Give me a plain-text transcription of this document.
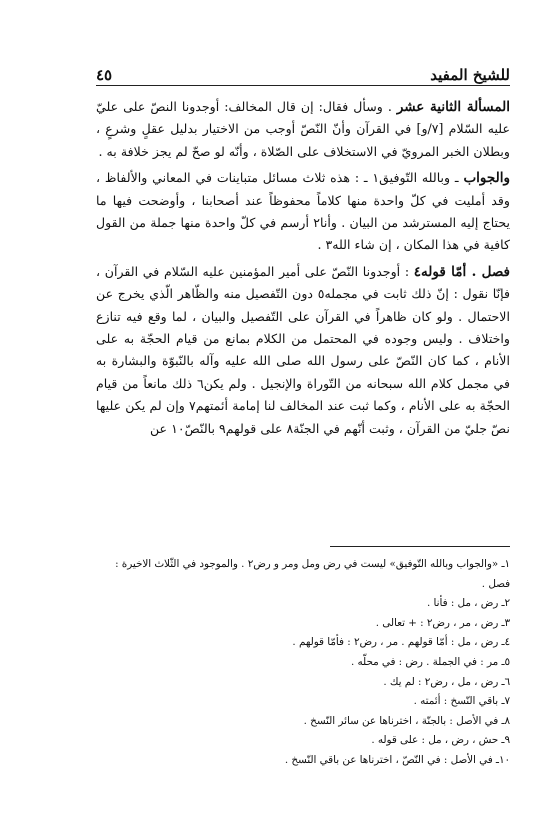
للشيخ المفيد
٤٥

المسألة الثانية عشر . وسأل فقال: إن قال المخالف: أوجدونا النصّ على عليّ عليه السّلام [٧/و] في القرآن وأنّ النّصّ أوجب من الاختيار بدليل عقلٍ وشرعٍ ، وبطلان الخبر المرويّ في الاستخلاف على الصّلاة ، وأنّه لو صحّ لم يجز خلافة به .

والجواب ـ وبالله التّوفيق١ ـ : هذه ثلاث مسائل متباينات في المعاني والألفاظ ، وقد أمليت في كلّ واحدة منها كلاماً محفوظاً عند أصحابنا ، وأوضحت فيها ما يحتاج إليه المسترشد من البيان . وأنا٢ أرسم في كلّ واحدة منها جملة من القول كافية في هذا المكان ، إن شاء الله٣ .

فصل . أمّا قوله٤ : أوجدونا النّصّ على أمير المؤمنين عليه السّلام في القرآن ، فإنّا نقول : إنّ ذلك ثابت في مجمله٥ دون التّفصيل منه والظّاهر الّذي يخرج عن الاحتمال . ولو كان ظاهراً في القرآن على التّفصيل والبيان ، لما وقع فيه تنازع واختلاف . وليس وجوده في المحتمل من الكلام بمانع من قيام الحجّة به على الأنام ، كما كان النّصّ على رسول الله صلى الله عليه وآله بالنّبوّة والبشارة به في مجمل كلام الله سبحانه من التّوراة والإنجيل . ولم يكن٦ ذلك مانعاً من قيام الحجّة به على الأنام ، وكما ثبت عند المخالف لنا إمامة أئمتهم٧ وإن لم يكن عليها نصّ جليّ من القرآن ، وثبت أنّهم في الجنّة٨ على قولهم٩ بالنّصّ١٠ عن

١ـ «والجواب وبالله التّوفيق» ليست في رض ومل ومر و رض٢ . والموجود في الثّلاث الاخيرة : فصل .

٢ـ رض ، مل : فأنا .

٣ـ رض ، مر ، رض٢ : + تعالى .

٤ـ رض ، مل : أمّا قولهم . مر ، رض٢ : فأمّا قولهم .

٥ـ مر : في الجملة . رض : في محلّه .

٦ـ رض ، مل ، رض٢ : لم يك .

٧ـ باقي النّسخ : أئمته .

٨ـ في الأصل : بالجنّة ، اخترناها عن سائر النّسخ .

٩ـ حش ، رض ، مل : على قوله .

١٠ـ في الأصل : في النّصّ ، اخترناها عن باقي النّسخ .
